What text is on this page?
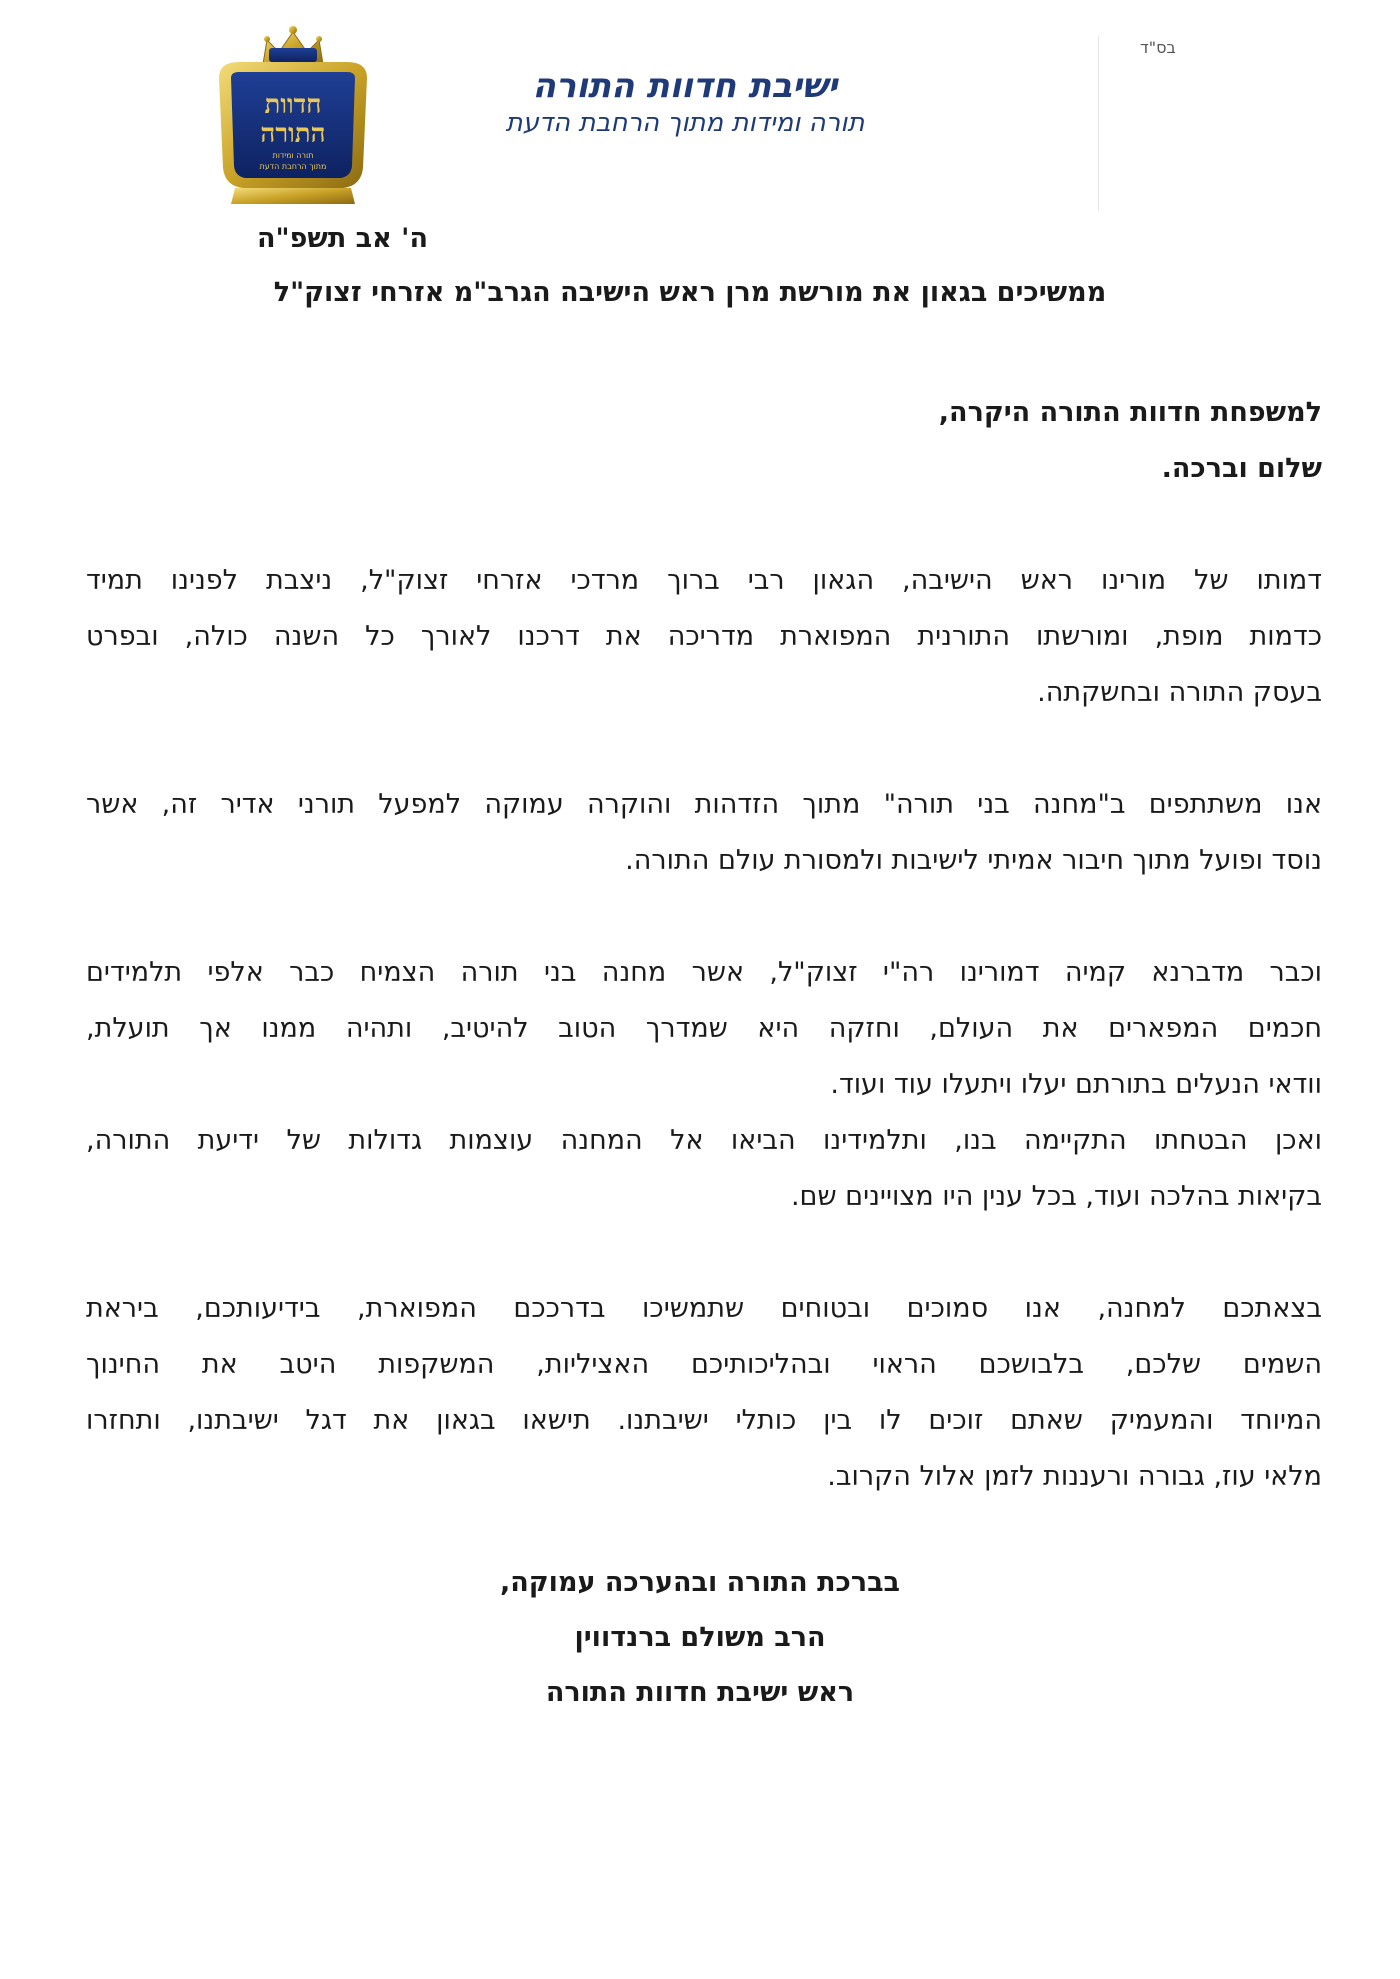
בס"ד
חדוות
התורה
תורה ומידות
מתוך הרחבת הדעת
ישיבת חדוות התורה
תורה ומידות מתוך הרחבת הדעת
ה' אב תשפ"ה
ממשיכים בגאון את מורשת מרן ראש הישיבה הגרב"מ אזרחי זצוק"ל

למשפחת חדוות התורה היקרה,

שלום וברכה.

דמותו של מורינו ראש הישיבה, הגאון רבי ברוך מרדכי אזרחי זצוק"ל, ניצבת לפנינו תמיד
כדמות מופת, ומורשתו התורנית המפוארת מדריכה את דרכנו לאורך כל השנה כולה, ובפרט
בעסק התורה ובחשקתה.
אנו משתתפים ב"מחנה בני תורה" מתוך הזדהות והוקרה עמוקה למפעל תורני אדיר זה, אשר
נוסד ופועל מתוך חיבור אמיתי לישיבות ולמסורת עולם התורה.
וכבר מדברנא קמיה דמורינו רה"י זצוק"ל, אשר מחנה בני תורה הצמיח כבר אלפי תלמידים
חכמים המפארים את העולם, וחזקה היא שמדרך הטוב להיטיב, ותהיה ממנו אך תועלת,
וודאי הנעלים בתורתם יעלו ויתעלו עוד ועוד.
ואכן הבטחתו התקיימה בנו, ותלמידינו הביאו אל המחנה עוצמות גדולות של ידיעת התורה,
בקיאות בהלכה ועוד, בכל ענין היו מצויינים שם.
בצאתכם למחנה, אנו סמוכים ובטוחים שתמשיכו בדרככם המפוארת, בידיעותכם, ביראת
השמים שלכם, בלבושכם הראוי ובהליכותיכם האציליות, המשקפות היטב את החינוך
המיוחד והמעמיק שאתם זוכים לו בין כותלי ישיבתנו. תישאו בגאון את דגל ישיבתנו, ותחזרו
מלאי עוז, גבורה ורעננות לזמן אלול הקרוב.
בברכת התורה ובהערכה עמוקה,
הרב משולם ברנדווין
ראש ישיבת חדוות התורה
